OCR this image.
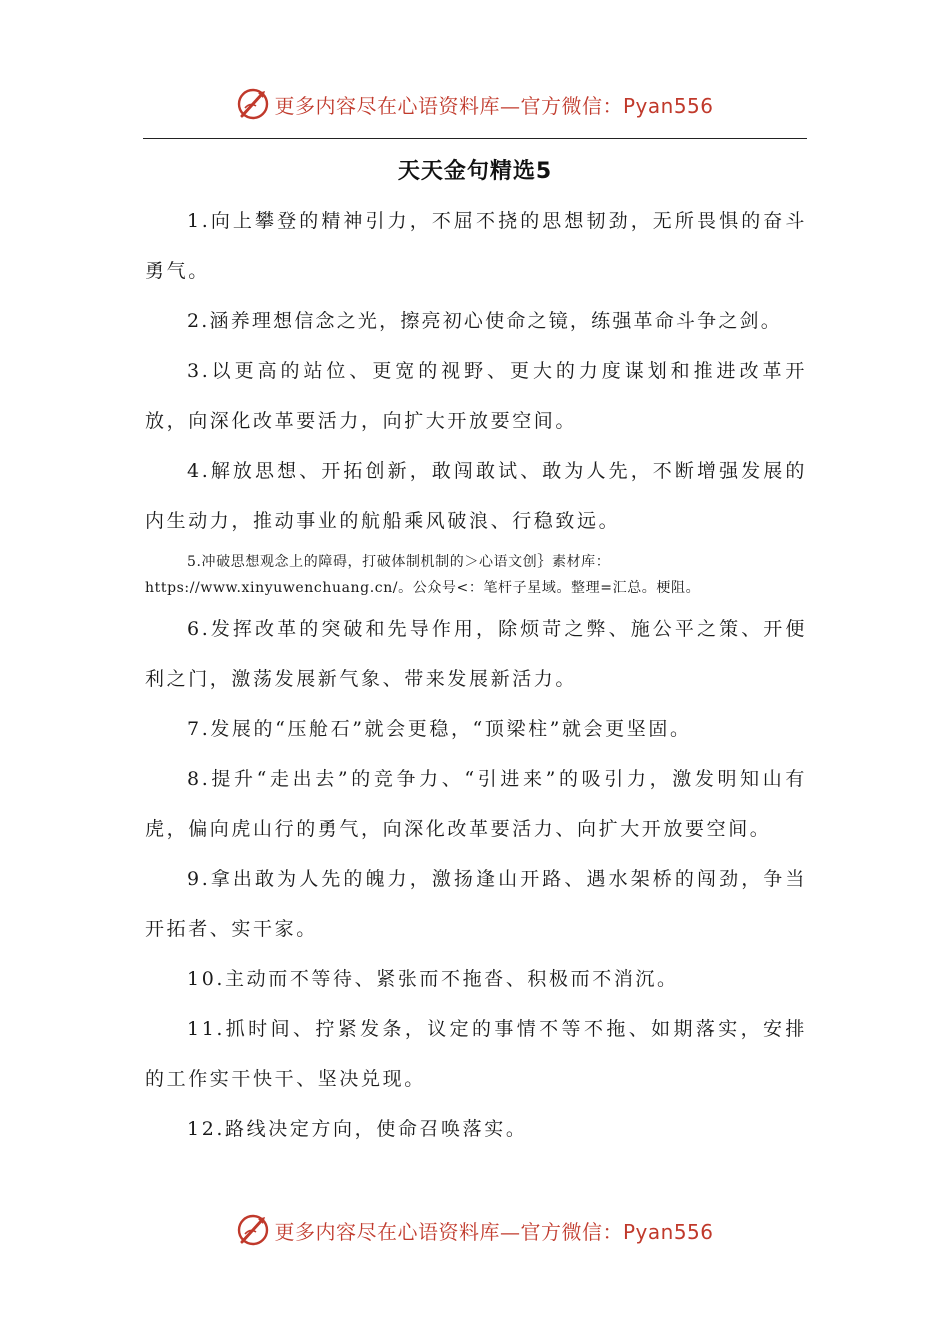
更多内容尽在心语资料库—官方微信：Pyan556
天天金句精选5

1.向上攀登的精神引力，不屈不挠的思想韧劲，无所畏惧的奋斗勇气。

2.涵养理想信念之光，擦亮初心使命之镜，练强革命斗争之剑。

3.以更高的站位、更宽的视野、更大的力度谋划和推进改革开放，向深化改革要活力，向扩大开放要空间。

4.解放思想、开拓创新，敢闯敢试、敢为人先，不断增强发展的内生动力，推动事业的航船乘风破浪、行稳致远。

5.冲破思想观念上的障碍，打破体制机制的＞心语文创｝素材库：https://www.xinyuwenchuang.cn/。公众号<：笔杆子星域。整理=汇总。梗阻。

6.发挥改革的突破和先导作用，除烦苛之弊、施公平之策、开便利之门，激荡发展新气象、带来发展新活力。

7.发展的“压舱石”就会更稳，“顶梁柱”就会更坚固。

8.提升“走出去”的竞争力、“引进来”的吸引力，激发明知山有虎，偏向虎山行的勇气，向深化改革要活力、向扩大开放要空间。

9.拿出敢为人先的魄力，激扬逢山开路、遇水架桥的闯劲，争当开拓者、实干家。

10.主动而不等待、紧张而不拖沓、积极而不消沉。

11.抓时间、拧紧发条，议定的事情不等不拖、如期落实，安排的工作实干快干、坚决兑现。

12.路线决定方向，使命召唤落实。

更多内容尽在心语资料库—官方微信：Pyan556
